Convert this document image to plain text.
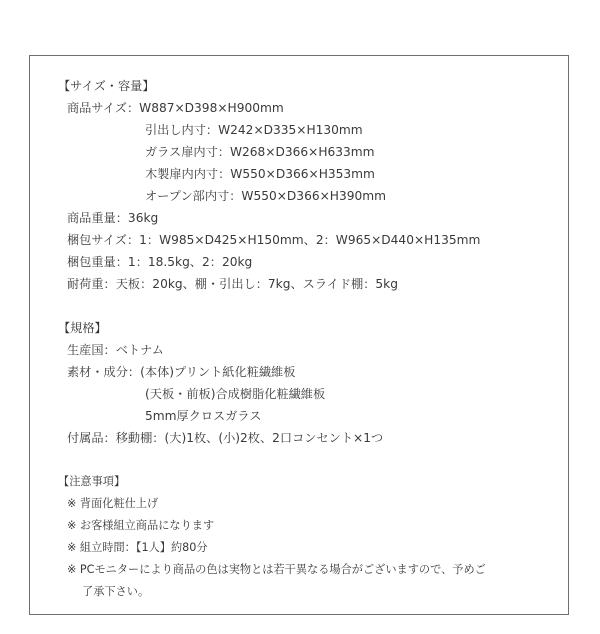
【サイズ・容量】
商品サイズ：W887×D398×H900mm
引出し内寸：W242×D335×H130mm
ガラス扉内寸：W268×D366×H633mm
木製扉内内寸：W550×D366×H353mm
オープン部内寸：W550×D366×H390mm
商品重量：36kg
梱包サイズ：1：W985×D425×H150mm、2：W965×D440×H135mm
梱包重量：1：18.5kg、2：20kg
耐荷重：天板：20kg、棚・引出し：7kg、スライド棚：5kg
【規格】
生産国：ベトナム
素材・成分：(本体)プリント紙化粧繊維板
(天板・前板)合成樹脂化粧繊維板
5mm厚クロスガラス
付属品：移動棚：(大)1枚、(小)2枚、2口コンセント×1つ
【注意事項】
※ 背面化粧仕上げ
※ お客様組立商品になります
※ 組立時間：【1人】約80分
※ PCモニターにより商品の色は実物とは若干異なる場合がございますので、予めご
了承下さい。
